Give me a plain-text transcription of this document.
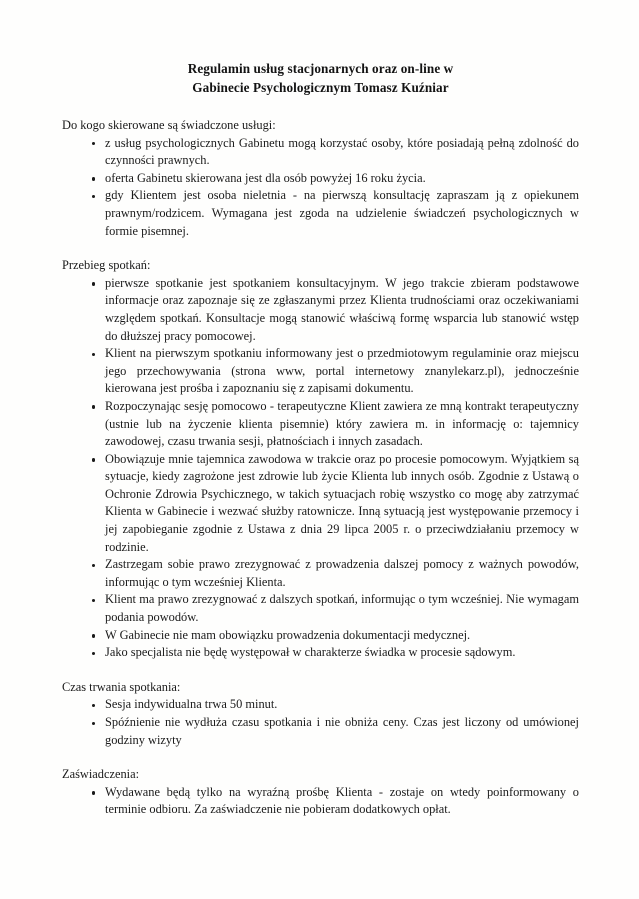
Regulamin usług stacjonarnych oraz on-line w
Gabinecie Psychologicznym Tomasz Kuźniar

Do kogo skierowane są świadczone usługi:

z usług psychologicznych Gabinetu mogą korzystać osoby, które posiadają pełną zdolność do czynności prawnych.
oferta Gabinetu skierowana jest dla osób powyżej 16 roku życia.
gdy Klientem jest osoba nieletnia - na pierwszą konsultację zapraszam ją z opiekunem prawnym/rodzicem. Wymagana jest zgoda na udzielenie świadczeń psychologicznych w formie pisemnej.

Przebieg spotkań:

pierwsze spotkanie jest spotkaniem konsultacyjnym. W jego trakcie zbieram podstawowe informacje oraz zapoznaje się ze zgłaszanymi przez Klienta trudnościami oraz oczekiwaniami względem spotkań. Konsultacje mogą stanowić właściwą formę wsparcia lub stanowić wstęp do dłuższej pracy pomocowej.
Klient na pierwszym spotkaniu informowany jest o przedmiotowym regulaminie oraz miejscu jego przechowywania (strona www, portal internetowy znanylekarz.pl), jednocześnie kierowana jest prośba i zapoznaniu się z zapisami dokumentu.
Rozpoczynając sesję pomocowo - terapeutyczne Klient zawiera ze mną kontrakt terapeutyczny (ustnie lub na życzenie klienta pisemnie) który zawiera m. in informację o: tajemnicy zawodowej, czasu trwania sesji, płatnościach i innych zasadach.
Obowiązuje mnie tajemnica zawodowa w trakcie oraz po procesie pomocowym. Wyjątkiem są sytuacje, kiedy zagrożone jest zdrowie lub życie Klienta lub innych osób. Zgodnie z Ustawą o Ochronie Zdrowia Psychicznego, w takich sytuacjach robię wszystko co mogę aby zatrzymać Klienta w Gabinecie i wezwać służby ratownicze. Inną sytuacją jest występowanie przemocy i jej zapobieganie zgodnie z Ustawa z dnia 29 lipca 2005 r. o przeciwdziałaniu przemocy w rodzinie.
Zastrzegam sobie prawo zrezygnować z prowadzenia dalszej pomocy z ważnych powodów, informując o tym wcześniej Klienta.
Klient ma prawo zrezygnować z dalszych spotkań, informując o tym wcześniej. Nie wymagam podania powodów.
W Gabinecie nie mam obowiązku prowadzenia dokumentacji medycznej.
Jako specjalista nie będę występował w charakterze świadka w procesie sądowym.

Czas trwania spotkania:

Sesja indywidualna trwa 50 minut.
Spóźnienie nie wydłuża czasu spotkania i nie obniża ceny. Czas jest liczony od umówionej godziny wizyty

Zaświadczenia:

Wydawane będą tylko na wyraźną prośbę Klienta - zostaje on wtedy poinformowany o terminie odbioru. Za zaświadczenie nie pobieram dodatkowych opłat.
